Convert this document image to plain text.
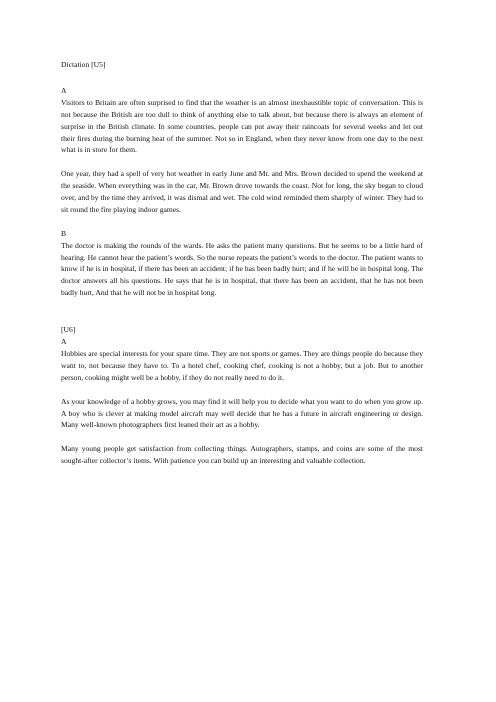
Dictation [U5]

A

Visitors to Britain are often surprised to find that the weather is an almost inexhaustible topic of conversation. This is not because the British are too dull to think of anything else to talk about, but because there is always an element of surprise in the British climate. In some countries, people can put away their raincoats for several weeks and let out their fires during the burning heat of the summer. Not so in England, when they never know from one day to the next what is in store for them.

One year, they had a spell of very hot weather in early June and Mr. and Mrs. Brown decided to spend the weekend at the seaside. When everything was in the car, Mr. Brown drove towards the coast. Not for long, the sky began to cloud over, and by the time they arrived, it was dismal and wet. The cold wind reminded them sharply of winter. They had to sit round the fire playing indoor games.

B

The doctor is making the rounds of the wards. He asks the patient many questions. But he seems to be a little hard of hearing. He cannot hear the patient’s words. So the nurse repeats the patient’s words to the doctor. The patient wants to know if he is in hospital, if there has been an accident; if he has been badly hurt; and if he will be in hospital long. The doctor answers all his questions. He says that he is in hospital, that there has been an accident, that he has not been badly hurt, And that he will not be in hospital long.

[U6]

A

Hobbies are special interests for your spare time. They are not sports or games. They are things people do because they want to, not because they have to. To a hotel chef, cooking chef, cooking is not a hobby, but a job. But to another person, cooking might well be a hobby, if they do not really need to do it.

As your knowledge of a hobby grows, you may find it will help you to decide what you want to do when you grow up. A boy who is clever at making model aircraft may well decide that he has a future in aircraft engineering or design. Many well-known photographers first leaned their art as a hobby.

Many young people get satisfaction from collecting things. Autographers, stamps, and coins are some of the most sought-after collector’s items. With patience you can build up an interesting and valuable collection.
